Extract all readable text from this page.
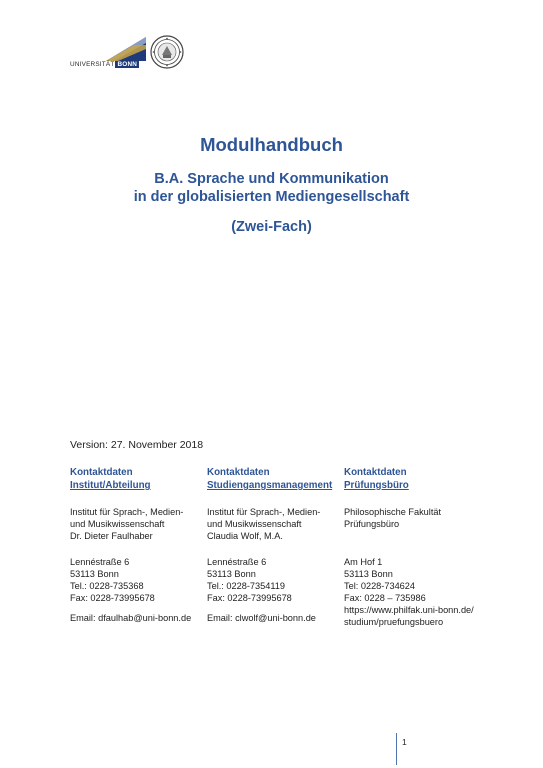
UNIVERSITÄT BONN
Modulhandbuch
B.A. Sprache und Kommunikation
in der globalisierten Mediengesellschaft
(Zwei-Fach)
Version: 27. November 2018
Kontaktdaten
Institut/Abteilung
Institut für Sprach-, Medien-
und Musikwissenschaft
Dr. Dieter Faulhaber
Lennéstraße 6
53113 Bonn
Tel.: 0228-735368
Fax: 0228-73995678
Email: dfaulhab@uni-bonn.de
Kontaktdaten
Studiengangsmanagement
Institut für Sprach-, Medien-
und Musikwissenschaft
Claudia Wolf, M.A.
Lennéstraße 6
53113 Bonn
Tel.: 0228-7354119
Fax: 0228-73995678
Email: clwolf@uni-bonn.de
Kontaktdaten
Prüfungsbüro
Philosophische Fakultät
Prüfungsbüro
Am Hof 1
53113 Bonn
Tel: 0228-734624
Fax: 0228 – 735986
https://www.philfak.uni-bonn.de/
studium/pruefungsbuero
1
